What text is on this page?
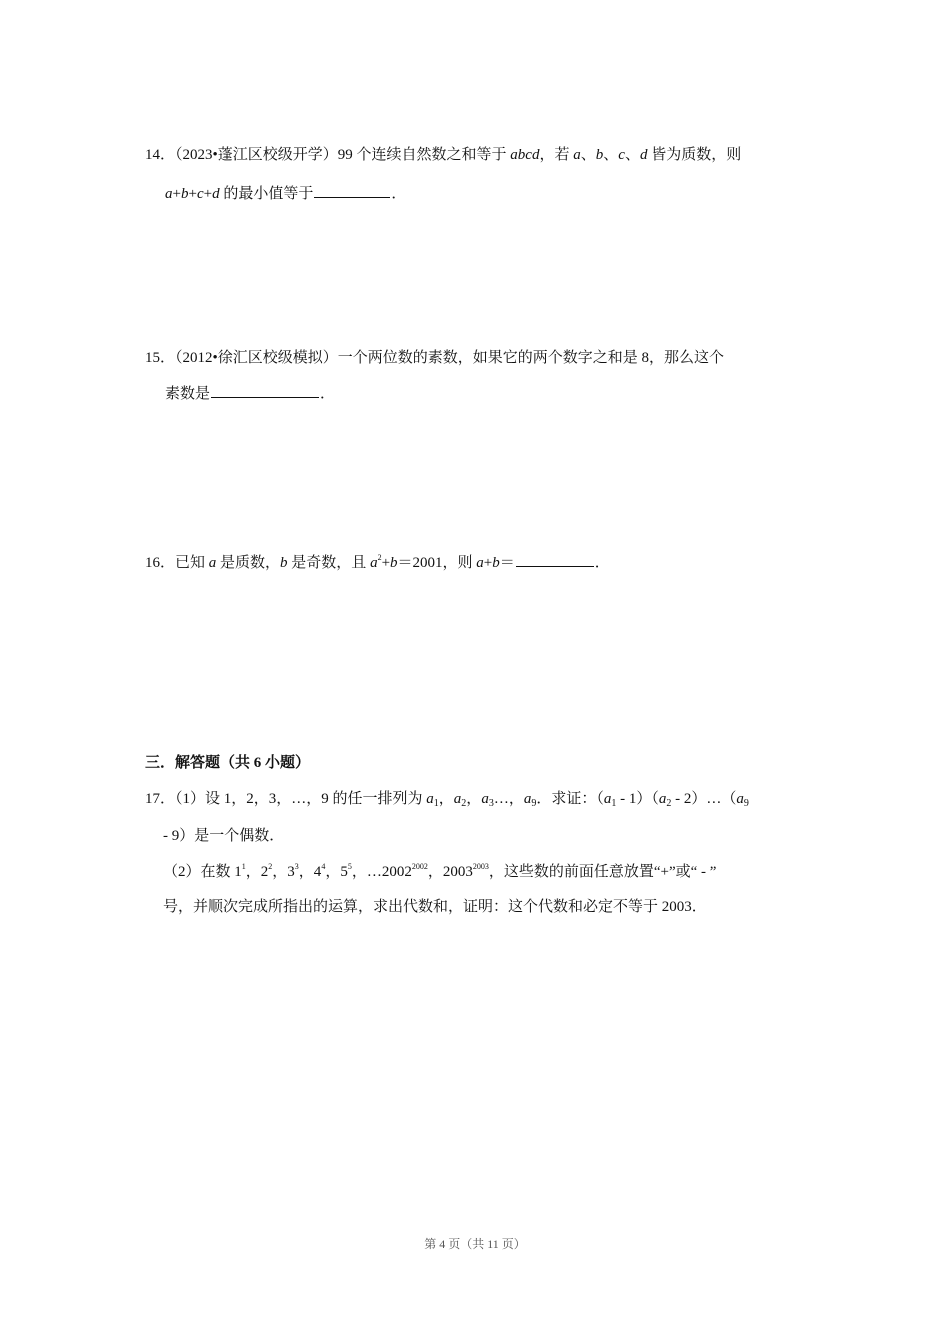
14．（2023•蓬江区校级开学）99 个连续自然数之和等于 abcd，若 a、b、c、d 皆为质数，则
a+b+c+d 的最小值等于	．
15．（2012•徐汇区校级模拟）一个两位数的素数，如果它的两个数字之和是 8，那么这个
素数是	．
16．已知 a 是质数，b 是奇数，且 $a^2+b=2001$，则 a+b＝	．
三．解答题（共 6 小题）
17．（1）设 1，2，3，…，9 的任一排列为 $a_1$，$a_2$，$a_3\dots$，$a_9$．求证：$(a_1 - 1)(a_2$ - $2)\dots(a_9$
- 9）是一个偶数．
（2）在数 $1^1$，$2^2$，$3^3$，$4^4$，$5^5$，$\dots 2002^{2002}$，$2003^{2003}$，这些数的前面任意放置“+”或“ - ”
号，并顺次完成所指出的运算，求出代数和，证明：这个代数和必定不等于 2003．
第 4 页（共 11 页）
